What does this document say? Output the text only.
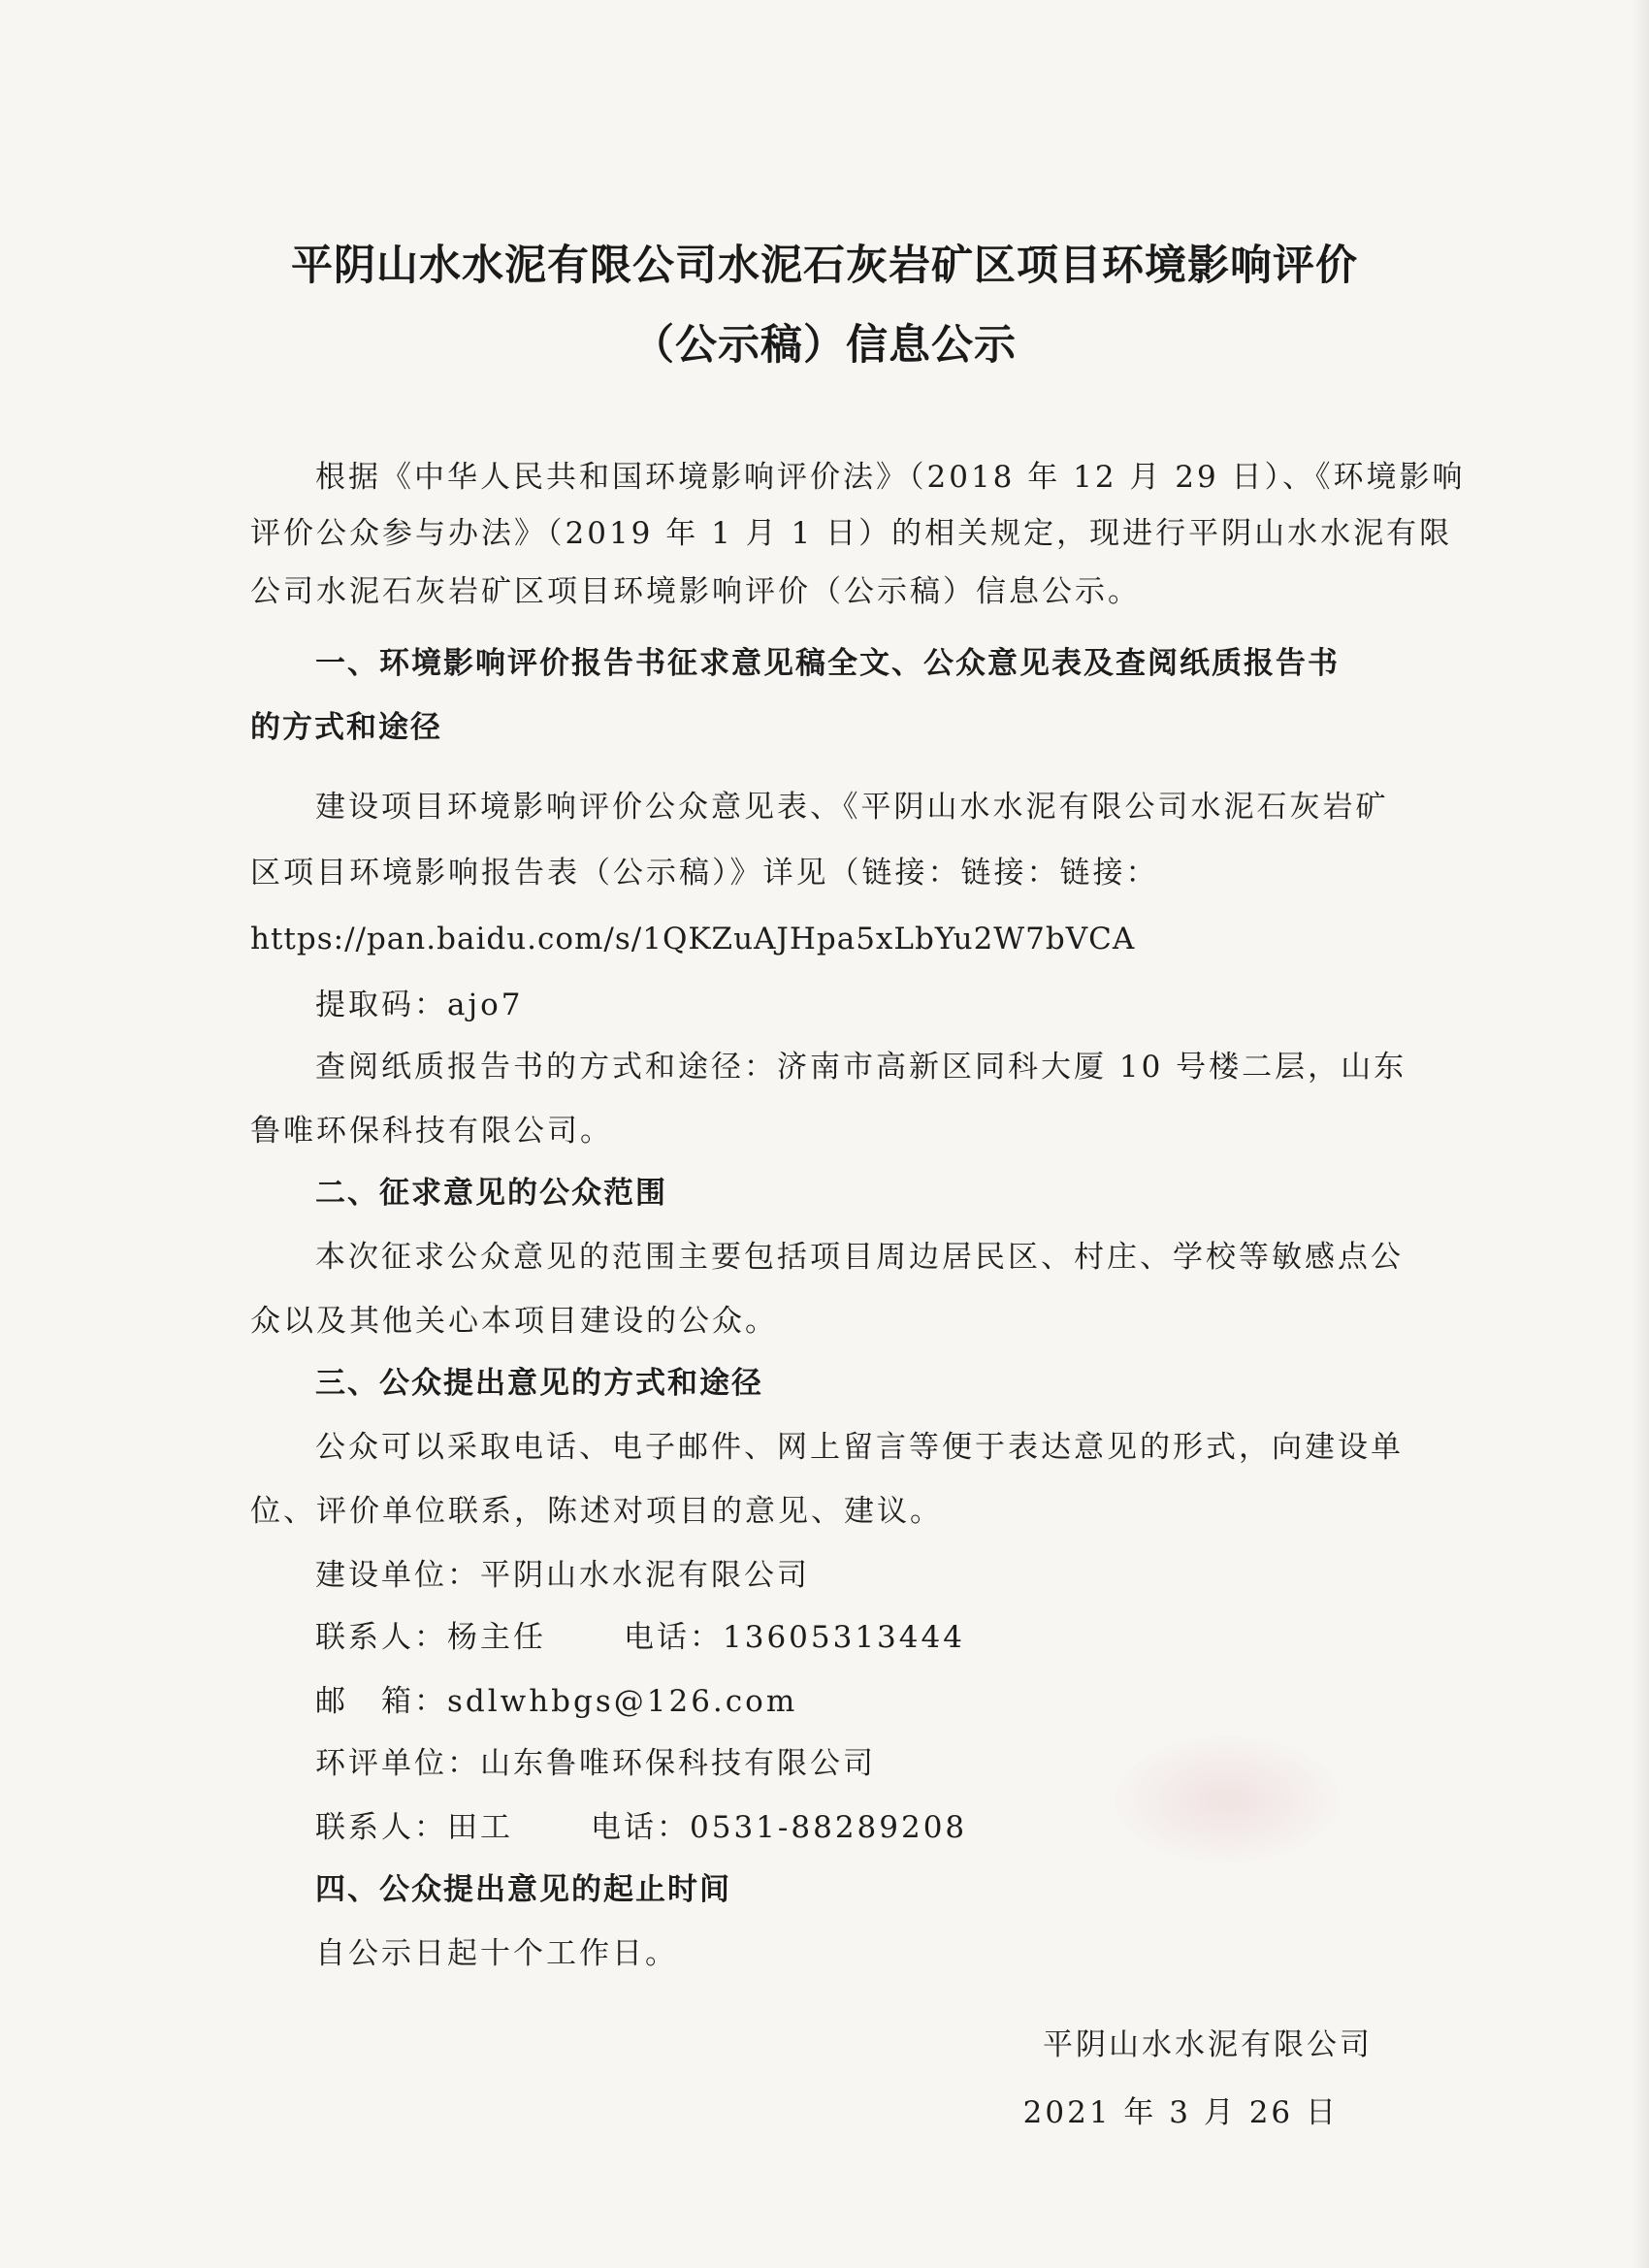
平阴山水水泥有限公司水泥石灰岩矿区项目环境影响评价
（公示稿）信息公示
根据《中华人民共和国环境影响评价法》（2018 年 12 月 29 日）、《环境影响
评价公众参与办法》（2019 年 1 月 1 日）的相关规定，现进行平阴山水水泥有限
公司水泥石灰岩矿区项目环境影响评价（公示稿）信息公示。
一、环境影响评价报告书征求意见稿全文、公众意见表及查阅纸质报告书
的方式和途径
建设项目环境影响评价公众意见表、《平阴山水水泥有限公司水泥石灰岩矿
区项目环境影响报告表（公示稿）》详见（链接：链接：链接：
https://pan.baidu.com/s/1QKZuAJHpa5xLbYu2W7bVCA
提取码：ajo7
查阅纸质报告书的方式和途径：济南市高新区同科大厦 10 号楼二层，山东
鲁唯环保科技有限公司。
二、征求意见的公众范围
本次征求公众意见的范围主要包括项目周边居民区、村庄、学校等敏感点公
众以及其他关心本项目建设的公众。
三、公众提出意见的方式和途径
公众可以采取电话、电子邮件、网上留言等便于表达意见的形式，向建设单
位、评价单位联系，陈述对项目的意见、建议。
建设单位：平阴山水水泥有限公司
联系人：杨主任	电话：13605313444
邮　箱：sdlwhbgs@126.com
环评单位：山东鲁唯环保科技有限公司
联系人：田工	电话：0531-88289208
四、公众提出意见的起止时间
自公示日起十个工作日。
平阴山水水泥有限公司
2021 年 3 月 26 日
